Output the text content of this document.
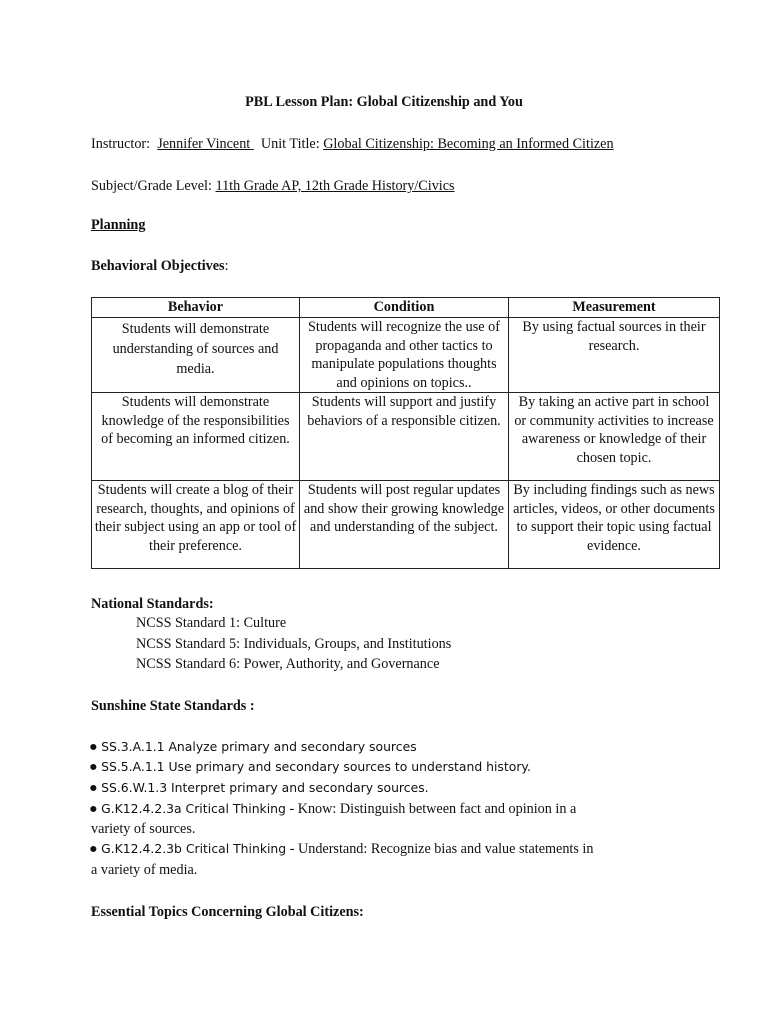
PBL Lesson Plan: Global Citizenship and You
Instructor: Jennifer Vincent Unit Title: Global Citizenship: Becoming an Informed Citizen
Subject/Grade Level: 11th Grade AP, 12th Grade History/Civics
Planning
Behavioral Objectives:
Behavior	Condition	Measurement
Students will demonstrate understanding of sources and media.	Students will recognize the use of propaganda and other tactics to manipulate populations thoughts and opinions on topics..	By using factual sources in their research.
Students will demonstrate knowledge of the responsibilities of becoming an informed citizen.	Students will support and justify behaviors of a responsible citizen.	By taking an active part in school or community activities to increase awareness or knowledge of their chosen topic.
Students will create a blog of their research, thoughts, and opinions of their subject using an app or tool of their preference.	Students will post regular updates and show their growing knowledge and understanding of the subject.	By including findings such as news articles, videos, or other documents to support their topic using factual evidence.
National Standards:
NCSS Standard 1: Culture
NCSS Standard 5: Individuals, Groups, and Institutions
NCSS Standard 6: Power, Authority, and Governance
Sunshine State Standards :
● SS.3.A.1.1 Analyze primary and secondary sources
● SS.5.A.1.1 Use primary and secondary sources to understand history.
● SS.6.W.1.3 Interpret primary and secondary sources.
● G.K12.4.2.3a Critical Thinking - Know: Distinguish between fact and opinion in a
variety of sources.
● G.K12.4.2.3b Critical Thinking - Understand: Recognize bias and value statements in
a variety of media.
Essential Topics Concerning Global Citizens:
